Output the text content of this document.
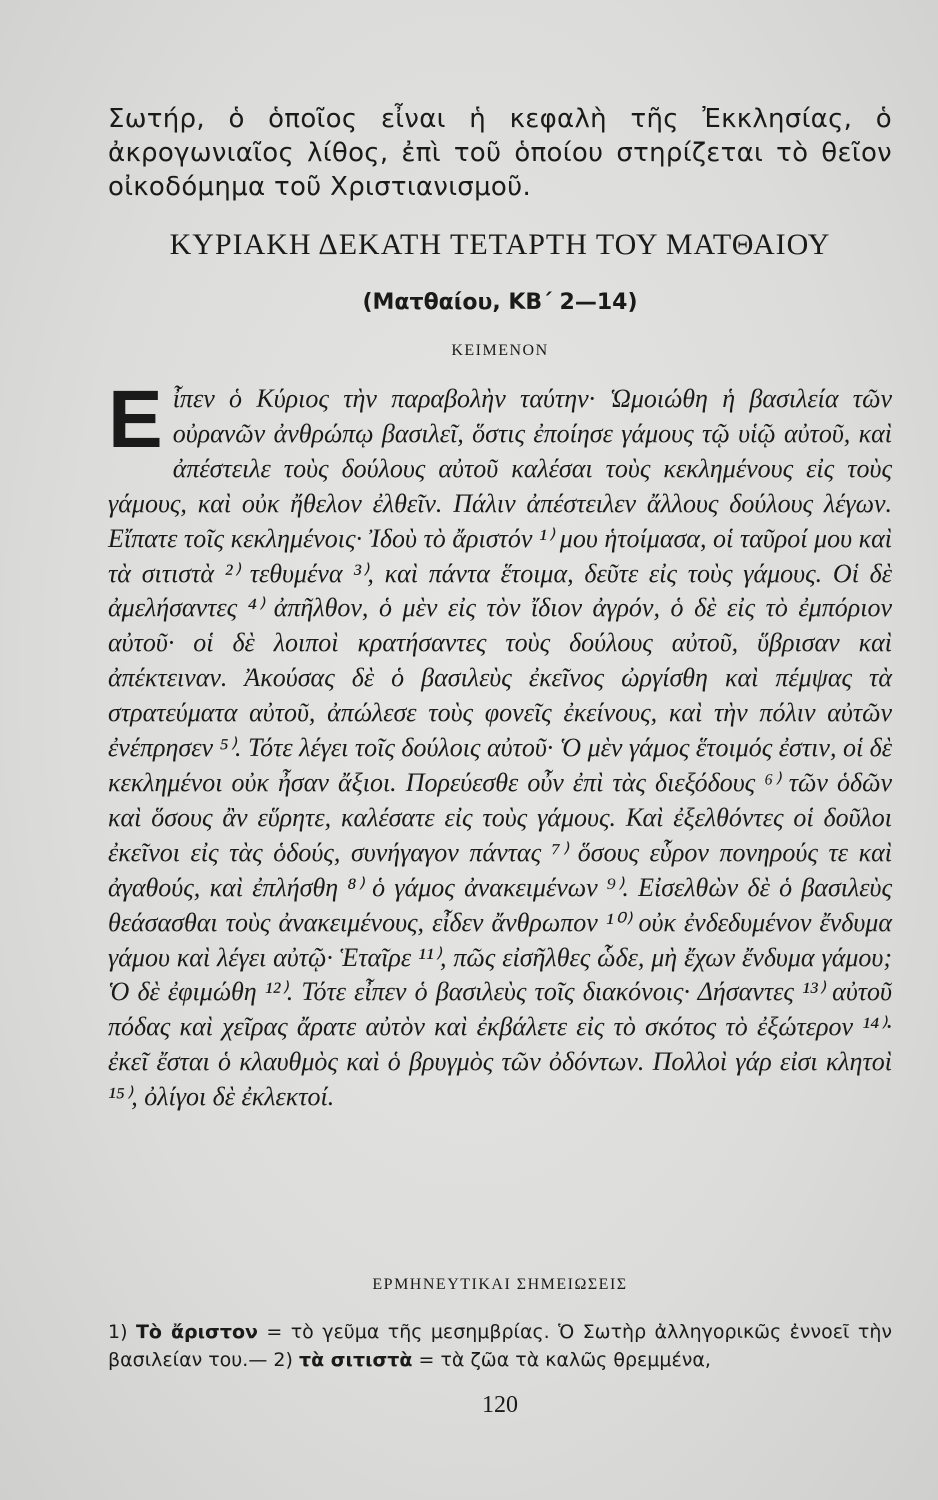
Σωτήρ, ὁ ὁποῖος εἶναι ἡ κεφαλὴ τῆς Ἐκκλησίας, ὁ ἀκρογωνιαῖος λίθος, ἐπὶ τοῦ ὁποίου στηρίζεται τὸ θεῖον οἰκοδόμημα τοῦ Χριστιανισμοῦ.

ΚΥΡΙΑΚΗ ΔΕΚΑΤΗ ΤΕΤΑΡΤΗ ΤΟΥ ΜΑΤΘΑΙΟΥ
(Ματθαίου, ΚΒ΄ 2—14)
ΚΕΙΜΕΝΟΝ
Εἶπεν ὁ Κύριος τὴν παραβολὴν ταύτην· Ὡμοιώθη ἡ βασιλεία τῶν οὐρανῶν ἀνθρώπῳ βασιλεῖ, ὅστις ἐποίησε γάμους τῷ υἱῷ αὐτοῦ, καὶ ἀπέστειλε τοὺς δούλους αὐτοῦ καλέσαι τοὺς κεκλημένους εἰς τοὺς γάμους, καὶ οὐκ ἤθελον ἐλθεῖν. Πάλιν ἀπέστειλεν ἄλλους δούλους λέγων. Εἴπατε τοῖς κεκλημένοις· Ἰδοὺ τὸ ἄριστόν ¹⁾ μου ἡτοίμασα, οἱ ταῦροί μου καὶ τὰ σιτιστὰ ²⁾ τεθυμένα ³⁾, καὶ πάντα ἕτοιμα, δεῦτε εἰς τοὺς γάμους. Οἱ δὲ ἀμελήσαντες ⁴⁾ ἀπῆλθον, ὁ μὲν εἰς τὸν ἴδιον ἀγρόν, ὁ δὲ εἰς τὸ ἐμπόριον αὐτοῦ· οἱ δὲ λοιποὶ κρατήσαντες τοὺς δούλους αὐτοῦ, ὕβρισαν καὶ ἀπέκτειναν. Ἀκούσας δὲ ὁ βασιλεὺς ἐκεῖνος ὠργίσθη καὶ πέμψας τὰ στρατεύματα αὐτοῦ, ἀπώλεσε τοὺς φονεῖς ἐκείνους, καὶ τὴν πόλιν αὐτῶν ἐνέπρησεν ⁵⁾. Τότε λέγει τοῖς δούλοις αὐτοῦ· Ὁ μὲν γάμος ἕτοιμός ἐστιν, οἱ δὲ κεκλημένοι οὐκ ἦσαν ἄξιοι. Πορεύεσθε οὖν ἐπὶ τὰς διεξόδους ⁶⁾ τῶν ὁδῶν καὶ ὅσους ἂν εὕρητε, καλέσατε εἰς τοὺς γάμους. Καὶ ἐξελθόντες οἱ δοῦλοι ἐκεῖνοι εἰς τὰς ὁδούς, συνήγαγον πάντας ⁷⁾ ὅσους εὗρον πονηρούς τε καὶ ἀγαθούς, καὶ ἐπλήσθη ⁸⁾ ὁ γάμος ἀνακειμένων ⁹⁾. Εἰσελθὼν δὲ ὁ βασιλεὺς θεάσασθαι τοὺς ἀνακειμένους, εἶδεν ἄνθρωπον ¹⁰⁾ οὐκ ἐνδεδυμένον ἔνδυμα γάμου καὶ λέγει αὐτῷ· Ἑταῖρε ¹¹⁾, πῶς εἰσῆλθες ὧδε, μὴ ἔχων ἔνδυμα γάμου; Ὁ δὲ ἐφιμώθη ¹²⁾. Τότε εἶπεν ὁ βασιλεὺς τοῖς διακόνοις· Δήσαντες ¹³⁾ αὐτοῦ πόδας καὶ χεῖρας ἄρατε αὐτὸν καὶ ἐκβάλετε εἰς τὸ σκότος τὸ ἐξώτερον ¹⁴⁾· ἐκεῖ ἔσται ὁ κλαυθμὸς καὶ ὁ βρυγμὸς τῶν ὀδόντων. Πολλοὶ γάρ εἰσι κλητοὶ ¹⁵⁾, ὀλίγοι δὲ ἐκλεκτοί.
ΕΡΜΗΝΕΥΤΙΚΑΙ ΣΗΜΕΙΩΣΕΙΣ
1) Τὸ ἄριστον = τὸ γεῦμα τῆς μεσημβρίας. Ὁ Σωτὴρ ἀλληγορικῶς ἐννοεῖ τὴν βασιλείαν του.— 2) τὰ σιτιστὰ = τὰ ζῶα τὰ καλῶς θρεμμένα,
120
